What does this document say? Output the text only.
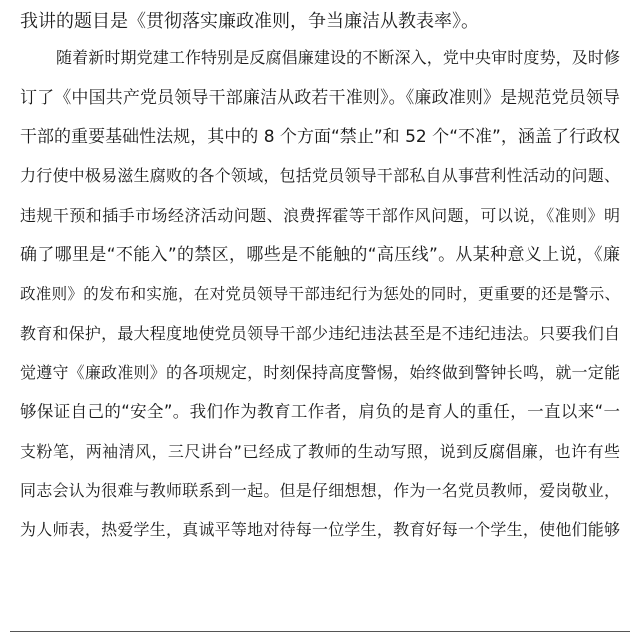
我讲的题目是《贯彻落实廉政准则，争当廉洁从教表率》。
随着新时期党建工作特别是反腐倡廉建设的不断深入，党中央审时度势，及时修
订了《中国共产党员领导干部廉洁从政若干准则》。《廉政准则》是规范党员领导
干部的重要基础性法规，其中的 8 个方面“禁止”和 52 个“不准”，涵盖了行政权
力行使中极易滋生腐败的各个领域，包括党员领导干部私自从事营利性活动的问题、
违规干预和插手市场经济活动问题、浪费挥霍等干部作风问题，可以说，《准则》明
确了哪里是“不能入”的禁区，哪些是不能触的“高压线”。从某种意义上说，《廉
政准则》的发布和实施，在对党员领导干部违纪行为惩处的同时，更重要的还是警示、
教育和保护，最大程度地使党员领导干部少违纪违法甚至是不违纪违法。只要我们自
觉遵守《廉政准则》的各项规定，时刻保持高度警惕，始终做到警钟长鸣，就一定能
够保证自己的“安全”。我们作为教育工作者，肩负的是育人的重任，一直以来“一
支粉笔，两袖清风，三尺讲台”已经成了教师的生动写照，说到反腐倡廉，也许有些
同志会认为很难与教师联系到一起。但是仔细想想，作为一名党员教师，爱岗敬业，
为人师表，热爱学生，真诚平等地对待每一位学生，教育好每一个学生，使他们能够
